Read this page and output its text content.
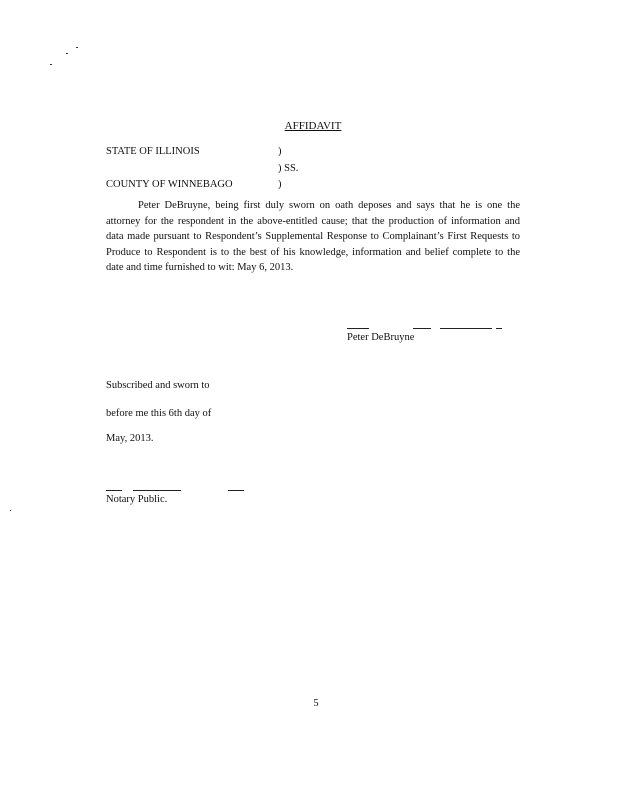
AFFIDAVIT
STATE OF ILLINOIS	)
) SS.
COUNTY OF WINNEBAGO	)
Peter DeBruyne, being first duly sworn on oath deposes and says that he is one the attorney for the respondent in the above-entitled cause; that the production of information and data made pursuant to Respondent’s Supplemental Response to Complainant’s First Requests to Produce to Respondent is to the best of his knowledge, information and belief complete to the date and time furnished to wit: May 6, 2013.
Peter DeBruyne
Subscribed and sworn to
before me this 6th day of
May, 2013.
Notary Public.
5
